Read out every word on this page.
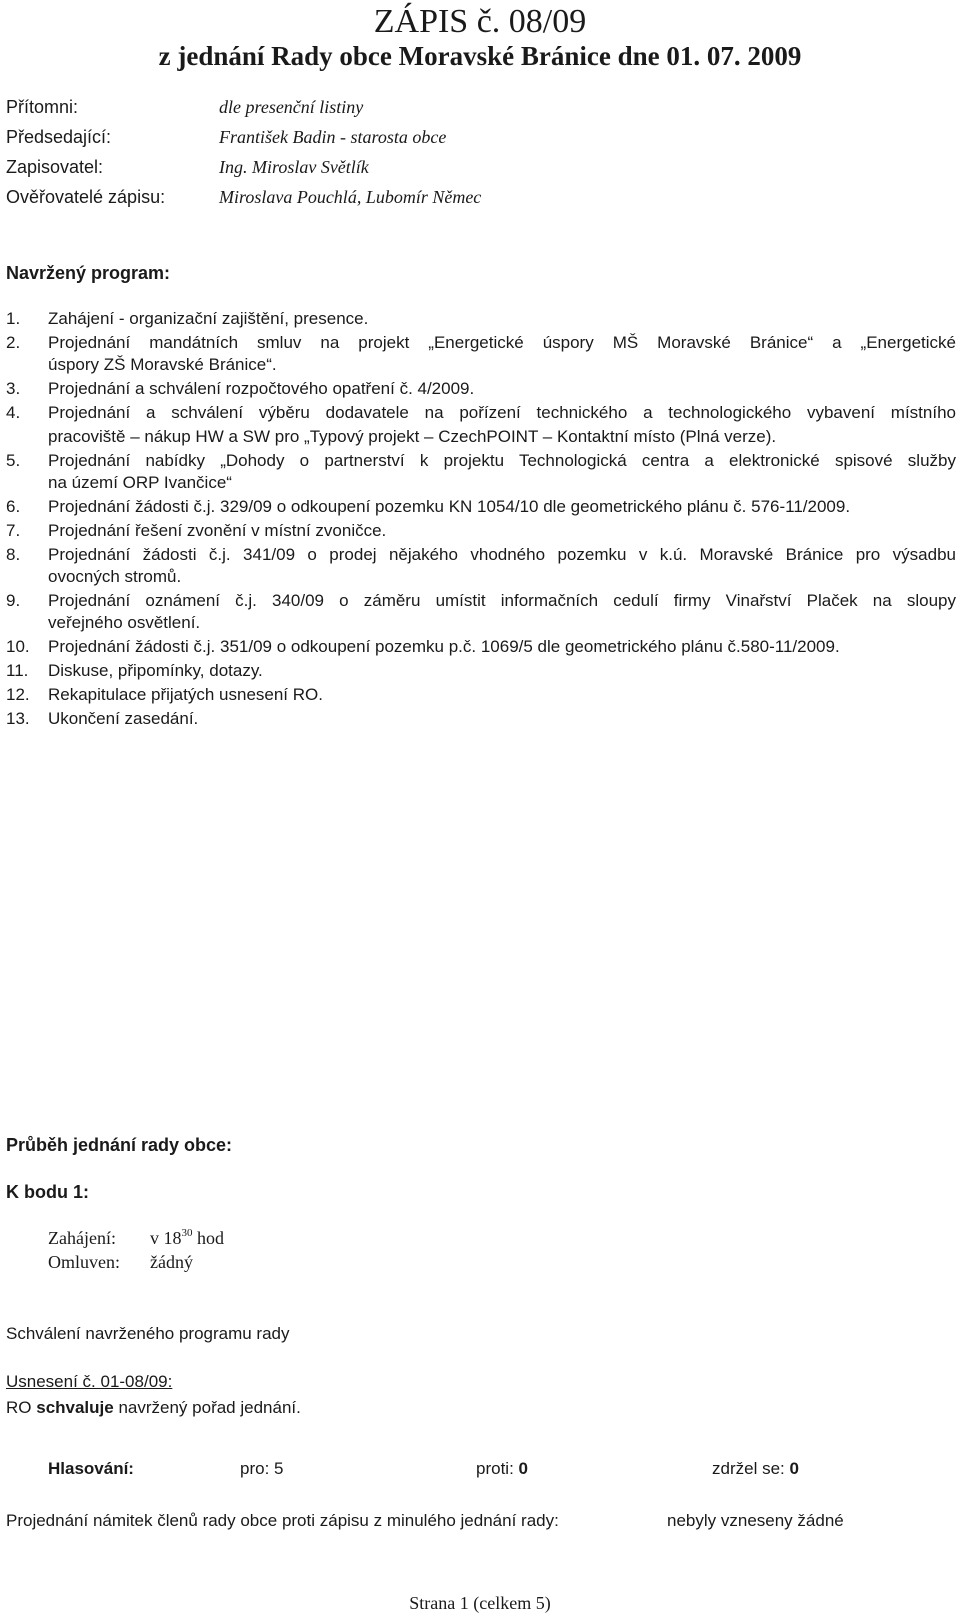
ZÁPIS č. 08/09
z jednání Rady obce Moravské Bránice dne 01. 07. 2009
Přítomni:	dle presenční listiny
Předsedající:	František Badin - starosta obce
Zapisovatel:	Ing. Miroslav Světlík
Ověřovatelé zápisu:	Miroslava Pouchlá, Lubomír Němec
Navržený program:
1. Zahájení - organizační zajištění, presence.
2. Projednání mandátních smluv na projekt „Energetické úspory MŠ Moravské Bránice“ a „Energetické
úspory ZŠ Moravské Bránice“.
3. Projednání a schválení rozpočtového opatření č. 4/2009.
4. Projednání a schválení výběru dodavatele na pořízení technického a technologického vybavení místního
pracoviště – nákup HW a SW pro „Typový projekt – CzechPOINT – Kontaktní místo (Plná verze).
5. Projednání nabídky „Dohody o partnerství k projektu Technologická centra a elektronické spisové služby
na území ORP Ivančice“
6. Projednání žádosti č.j. 329/09 o odkoupení pozemku KN 1054/10 dle geometrického plánu č. 576-11/2009.
7. Projednání řešení zvonění v místní zvoničce.
8. Projednání žádosti č.j. 341/09 o prodej nějakého vhodného pozemku v k.ú. Moravské Bránice pro výsadbu
ovocných stromů.
9. Projednání oznámení č.j. 340/09 o záměru umístit informačních cedulí firmy Vinařství Plaček na sloupy
veřejného osvětlení.
10. Projednání žádosti č.j. 351/09 o odkoupení pozemku p.č. 1069/5 dle geometrického plánu č.580-11/2009.
11. Diskuse, připomínky, dotazy.
12. Rekapitulace přijatých usnesení RO.
13. Ukončení zasedání.
Průběh jednání rady obce:
K bodu 1:
Zahájení: v $18^{30}$ hod
Omluven: žádný
Schválení navrženého programu rady
Usnesení č. 01-08/09:
RO schvaluje navržený pořad jednání.
Hlasování:	pro: 5	proti: 0	zdržel se: 0
Projednání námitek členů rady obce proti zápisu z minulého jednání rady:	nebyly vzneseny žádné
Strana 1 (celkem 5)
